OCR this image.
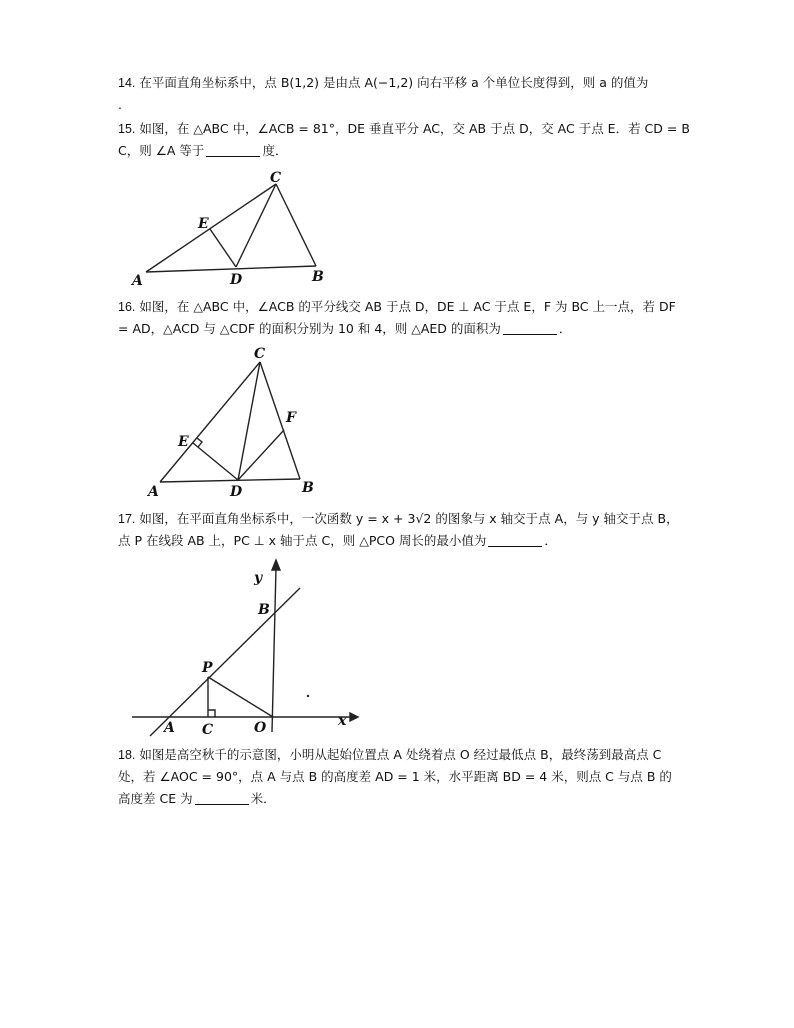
14. 在平面直角坐标系中，点 B(1,2) 是由点 A(−1,2) 向右平移 a 个单位长度得到，则 a 的值为
.
15. 如图，在 △ABC 中，∠ACB = 81°，DE 垂直平分 AC，交 AB 于点 D，交 AC 于点 E．若 CD = B
C，则 ∠A 等于	度．
C
E
A	D	B
16. 如图，在 △ABC 中，∠ACB 的平分线交 AB 于点 D，DE ⊥ AC 于点 E，F 为 BC 上一点，若 DF
= AD，△ACD 与 △CDF 的面积分别为 10 和 4，则 △AED 的面积为	．
C
F
E
A	D	B
17. 如图，在平面直角坐标系中，一次函数 y = x + 3√2 的图象与 x 轴交于点 A，与 y 轴交于点 B，
点 P 在线段 AB 上，PC ⊥ x 轴于点 C，则 △PCO 周长的最小值为	．
y
B
P
A C	O	x
18. 如图是高空秋千的示意图，小明从起始位置点 A 处绕着点 O 经过最低点 B，最终荡到最高点 C
处，若 ∠AOC = 90°，点 A 与点 B 的高度差 AD = 1 米，水平距离 BD = 4 米，则点 C 与点 B 的
高度差 CE 为	米．
